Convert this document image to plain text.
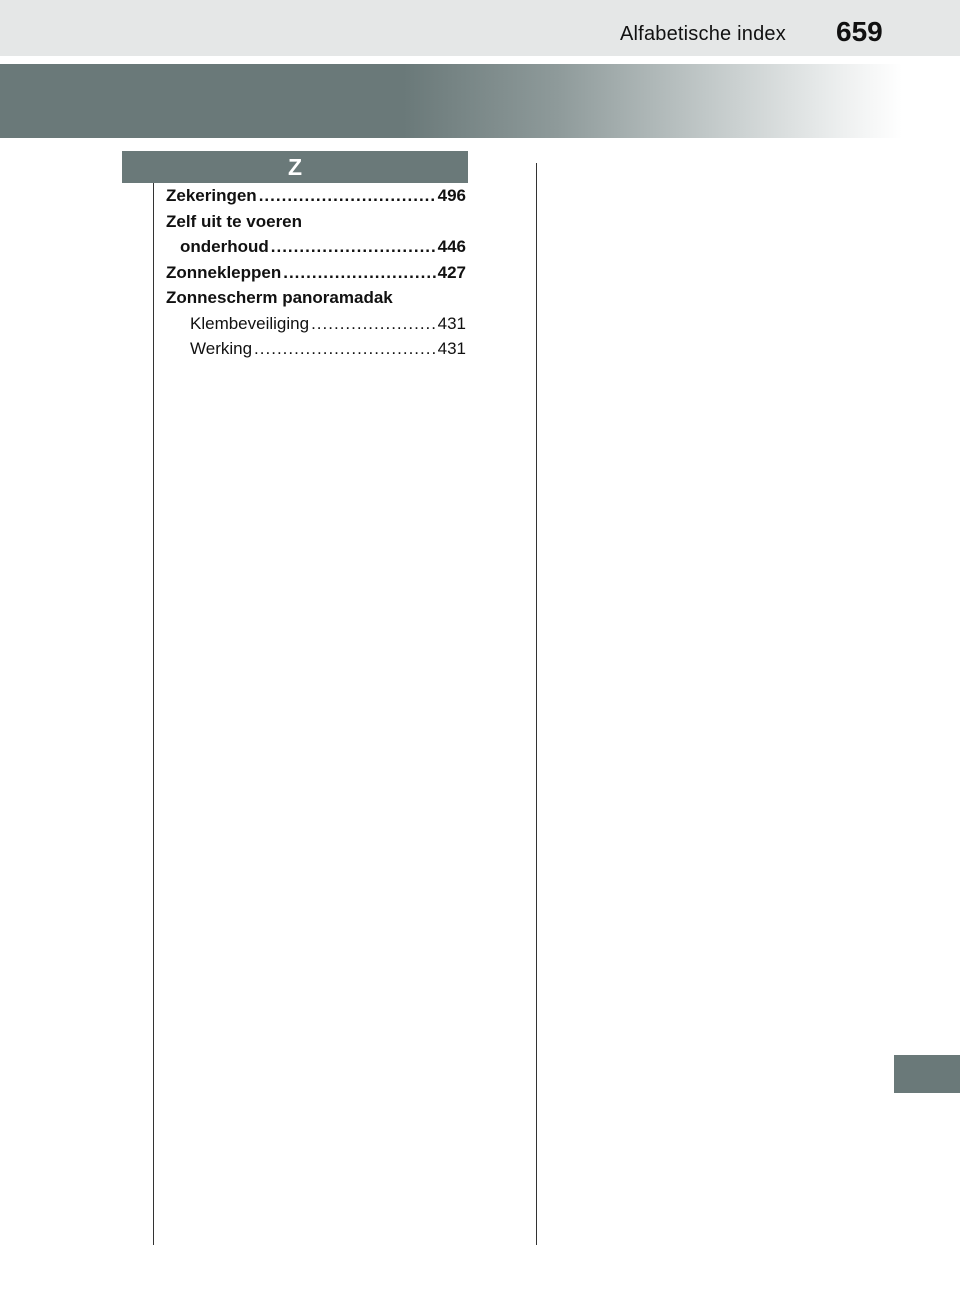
Alfabetische index 659
Z
Zekeringen .....	496
Zelf uit te voeren
onderhoud .....	446
Zonnekleppen .....	427
Zonnescherm panoramadak
Klembeveiliging .....	431
Werking .....	431
